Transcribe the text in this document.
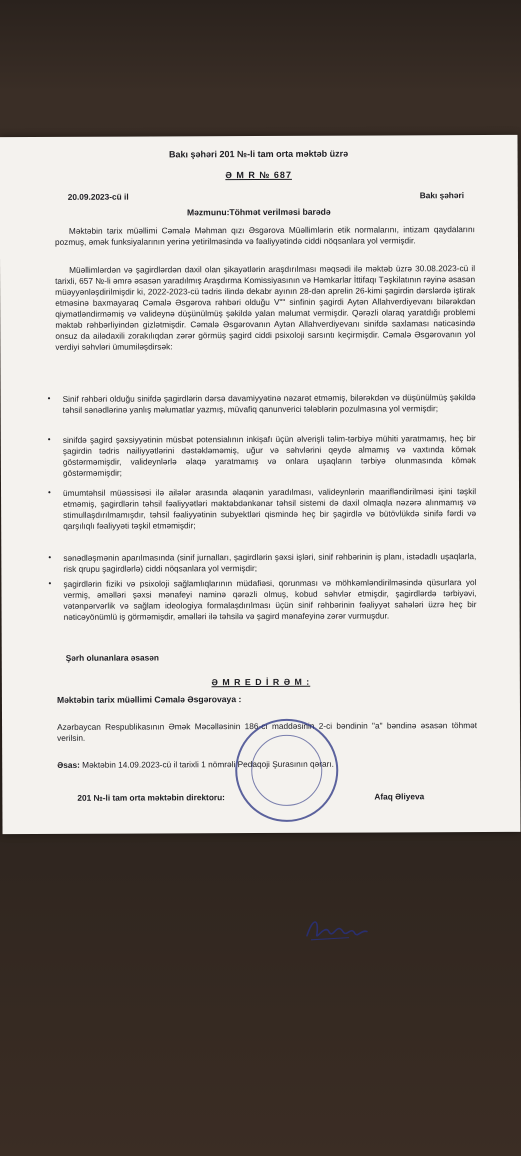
Bakı şəhəri 201 №-li tam orta məktəb üzrə
Ə M R № 687
20.09.2023-cü il	Bakı şəhəri
Məzmunu:Töhmət verilməsi barədə
Məktəbin tarix müəllimi Cəmalə Məhman qızı Əsgərova Müəllimlərin etik normalarını, intizam qaydalarını pozmuş, əmək funksiyalarının yerinə yetirilməsində və fəaliyyətində ciddi nöqsanlara yol vermişdir.
Müəllimlərdən və şagirdlərdən daxil olan şikayətlərin araşdırılması məqsədi ilə məktəb üzrə 30.08.2023-cü il tarixli, 657 №-li əmrə əsasən yaradılmış Araşdırma Komissiyasının və Həmkarlar İttifaqı Təşkilatının rəyinə əsasən müəyyənləşdirilmişdir ki, 2022-2023-cü tədris ilində dekabr ayının 28-dən aprelin 26-kimi şagirdin dərslərdə iştirak etməsinə baxmayaraq Cəmalə Əsgərova rəhbəri olduğu V"" sinfinin şagirdi Aytən Allahverdiyevanı bilərəkdən qiymətləndirməmiş və valideynə düşünülmüş şəkildə yalan məlumat vermişdir. Qərəzli olaraq yaratdığı problemi məktəb rəhbərliyindən gizlətmişdir. Cəmalə Əsgərovanın Aytən Allahverdiyevanı sinifdə saxlaması nəticəsində onsuz da ailədaxili zorakılıqdan zərər görmüş şagird ciddi psixoloji sarsıntı keçirmişdir. Cəmalə Əsgərovanın yol verdiyi səhvləri ümumiləşdirsək:
• Sinif rəhbəri olduğu sinifdə şagirdlərin dərsə davamiyyətinə nəzarət etməmiş, bilərəkdən və düşünülmüş şəkildə təhsil sənədlərinə yanlış məlumatlar yazmış, müvafiq qanunverici tələblərin pozulmasına yol vermişdir;
• sinifdə şagird şəxsiyyətinin müsbət potensialının inkişafı üçün əlverişli təlim-tərbiyə mühiti yaratmamış, heç bir şagirdin tədris nailiyyətlərini dəstəkləməmiş, uğur və səhvlərini qeydə almamış və vaxtında kömək göstərməmişdir, valideynlərlə əlaqə yaratmamış və onlara uşaqların tərbiyə olunmasında kömək göstərməmişdir;
• ümumtəhsil müəssisəsi ilə ailələr arasında əlaqənin yaradılması, valideynlərin maarifləndirilməsi işini təşkil etməmiş, şagirdlərin təhsil fəaliyyətləri məktəbdənkənar təhsil sistemi də daxil olmaqla nəzərə alınmamış və stimullaşdırılmamışdır, təhsil fəaliyyətinin subyektləri qismində heç bir şagirdlə və bütövlükdə sinifə fərdi və qarşılıqlı fəaliyyəti təşkil etməmişdir;
• sənədləşmənin aparılmasında (sinif jurnalları, şagirdlərin şəxsi işləri, sinif rəhbərinin iş planı, istədadlı uşaqlarla, risk qrupu şagirdlərlə) ciddi nöqsanlara yol vermişdir;
• şagirdlərin fiziki və psixoloji sağlamlıqlarının müdafiəsi, qorunması və möhkəmləndirilməsində qüsurlara yol vermiş, əməlləri şəxsi mənafeyi naminə qərəzli olmuş, kobud səhvlər etmişdir, şagirdlərdə tərbiyəvi, vətənpərvərlik və sağlam ideologiya formalaşdırılması üçün sinif rəhbərinin fəaliyyət sahələri üzrə heç bir nəticəyönümlü iş görməmişdir, əməlləri ilə təhsilə və şagird mənafeyinə zərər vurmuşdur.
Şərh olunanlara əsasən
Ə M R E D İ R Ə M :
Məktəbin tarix müəllimi Cəmalə Əsgərovaya :
Azərbaycan Respublikasının Əmək Məcəlləsinin 186-cı maddəsinin 2-ci bəndinin "a" bəndinə əsasən töhmət verilsin.
Əsas: Məktəbin 14.09.2023-cü il tarixli 1 nömrəli Pedaqoji Şurasının qərarı.
201 №-li tam orta məktəbin direktoru:	Afaq Əliyeva
